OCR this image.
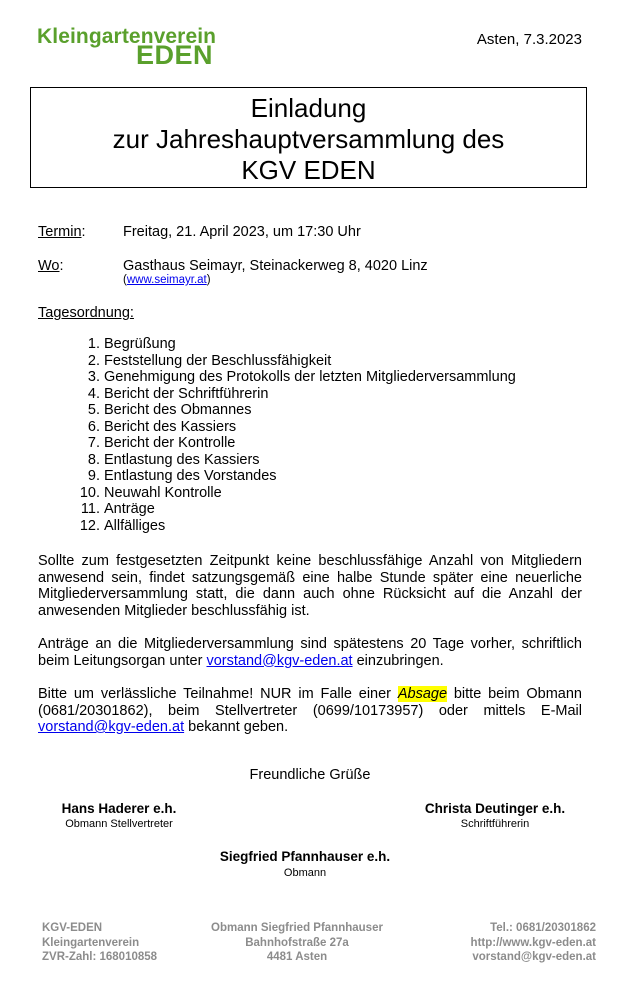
Kleingartenverein
EDEN
Asten, 7.3.2023
Einladung
zur Jahreshauptversammlung des
KGV EDEN
Termin:	Freitag, 21. April 2023, um 17:30 Uhr
Wo:	Gasthaus Seimayr, Steinackerweg 8, 4020 Linz
(www.seimayr.at)
Tagesordnung:
1. Begrüßung
2. Feststellung der Beschlussfähigkeit
3. Genehmigung des Protokolls der letzten Mitgliederversammlung
4. Bericht der Schriftführerin
5. Bericht des Obmannes
6. Bericht des Kassiers
7. Bericht der Kontrolle
8. Entlastung des Kassiers
9. Entlastung des Vorstandes
10. Neuwahl Kontrolle
11. Anträge
12. Allfälliges
Sollte zum festgesetzten Zeitpunkt keine beschlussfähige Anzahl von Mitgliedern anwesend sein, findet satzungsgemäß eine halbe Stunde später eine neuerliche Mitgliederversammlung statt, die dann auch ohne Rücksicht auf die Anzahl der anwesenden Mitglieder beschlussfähig ist.
Anträge an die Mitgliederversammlung sind spätestens 20 Tage vorher, schriftlich beim Leitungsorgan unter vorstand@kgv-eden.at einzubringen.
Bitte um verlässliche Teilnahme! NUR im Falle einer Absage bitte beim Obmann (0681/20301862), beim Stellvertreter (0699/10173957) oder mittels E-Mail vorstand@kgv-eden.at bekannt geben.
Freundliche Grüße
Hans Haderer e.h.
Obmann Stellvertreter
Christa Deutinger e.h.
Schriftführerin
Siegfried Pfannhauser e.h.
Obmann
KGV-EDEN
Kleingartenverein
ZVR-Zahl: 168010858
Obmann Siegfried Pfannhauser
Bahnhofstraße 27a
4481 Asten
Tel.: 0681/20301862
http://www.kgv-eden.at
vorstand@kgv-eden.at
